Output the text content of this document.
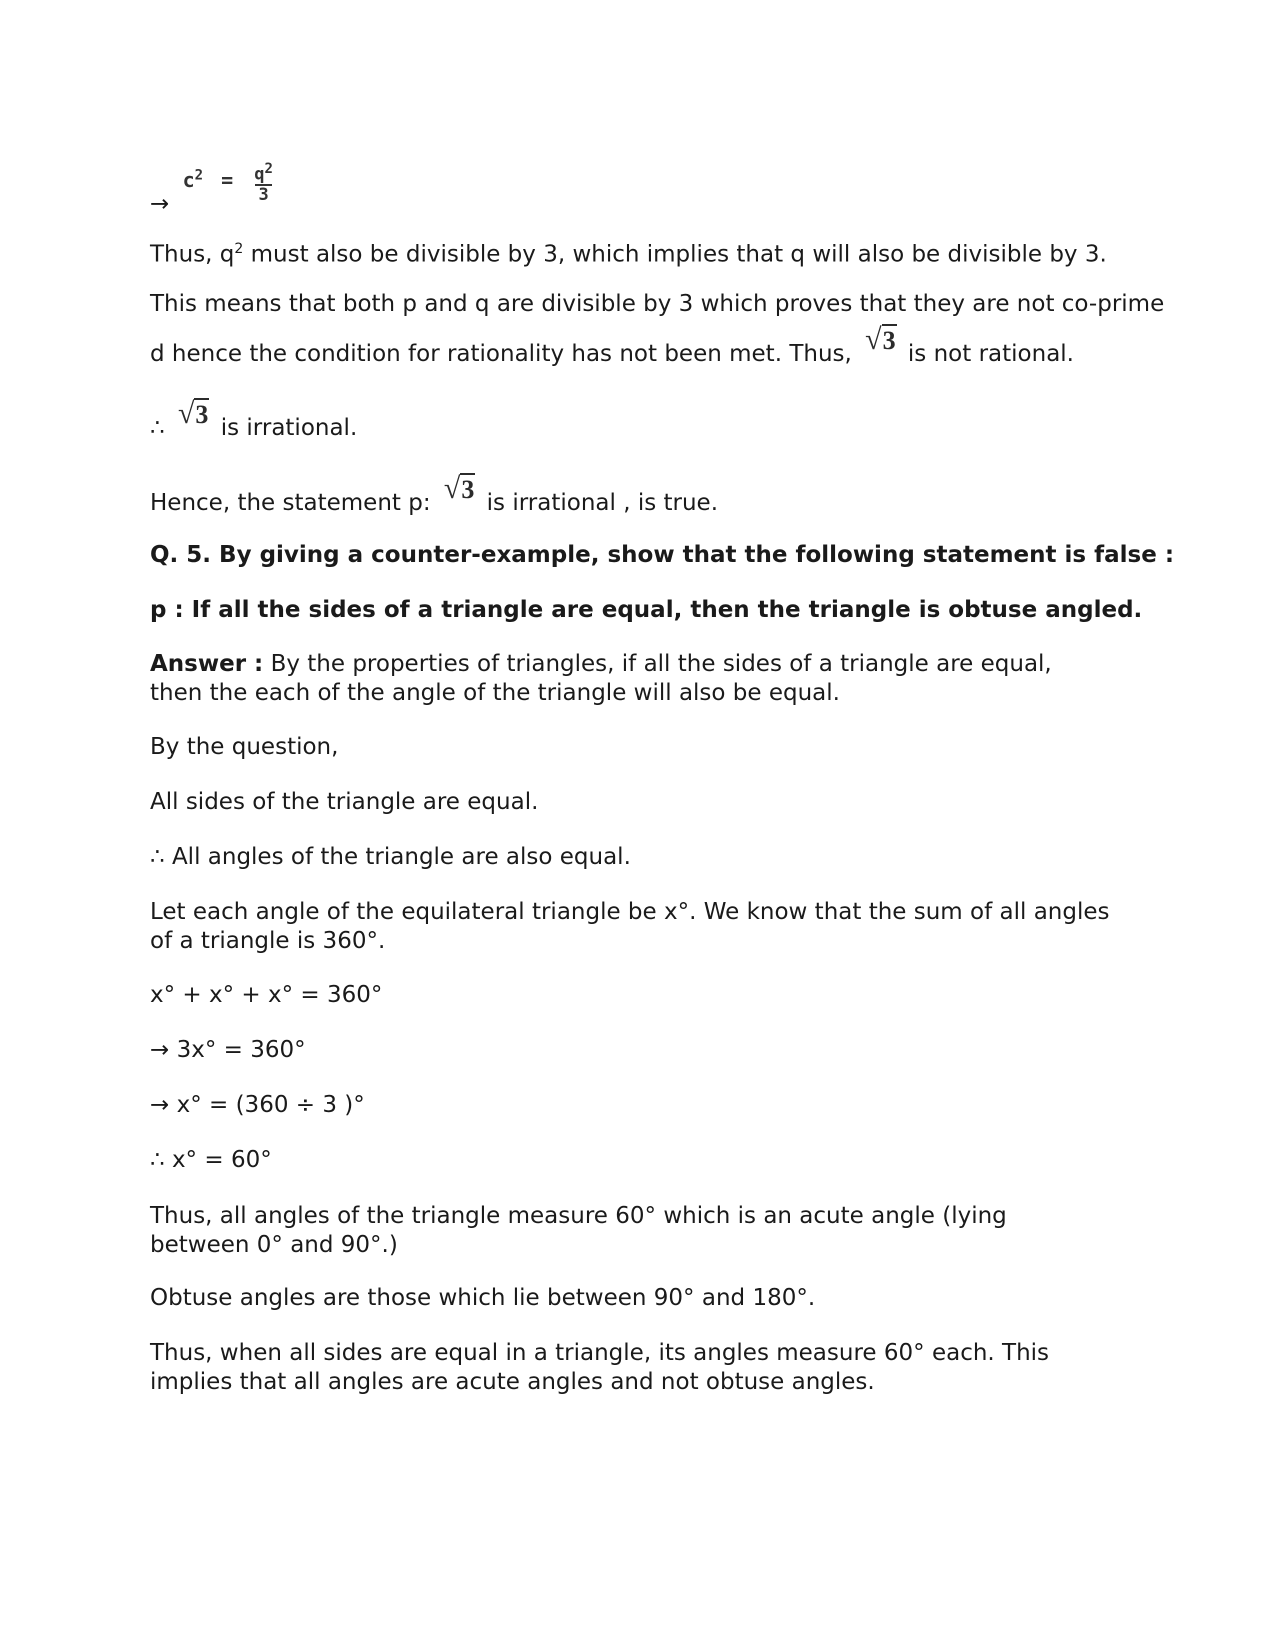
→ $c^2 = \frac{q^2}{3}$
Thus, $q^2$ must also be divisible by 3, which implies that q will also be divisible by 3.
This means that both p and q are divisible by 3 which proves that they are not co-prime
d hence the condition for rationality has not been met. Thus, √3 is not rational.
∴ √3 is irrational.
Hence, the statement p: √3 is irrational , is true.
Q. 5. By giving a counter-example, show that the following statement is false :
p : If all the sides of a triangle are equal, then the triangle is obtuse angled.
Answer : By the properties of triangles, if all the sides of a triangle are equal, then the each of the angle of the triangle will also be equal.
By the question,
All sides of the triangle are equal.
∴ All angles of the triangle are also equal.
Let each angle of the equilateral triangle be x°. We know that the sum of all angles of a triangle is 360°.
x° + x° + x° = 360°
→ 3x° = 360°
→ x° = (360 ÷ 3 )°
∴ x° = 60°
Thus, all angles of the triangle measure 60° which is an acute angle (lying between 0° and 90°.)
Obtuse angles are those which lie between 90° and 180°.
Thus, when all sides are equal in a triangle, its angles measure 60° each. This implies that all angles are acute angles and not obtuse angles.
